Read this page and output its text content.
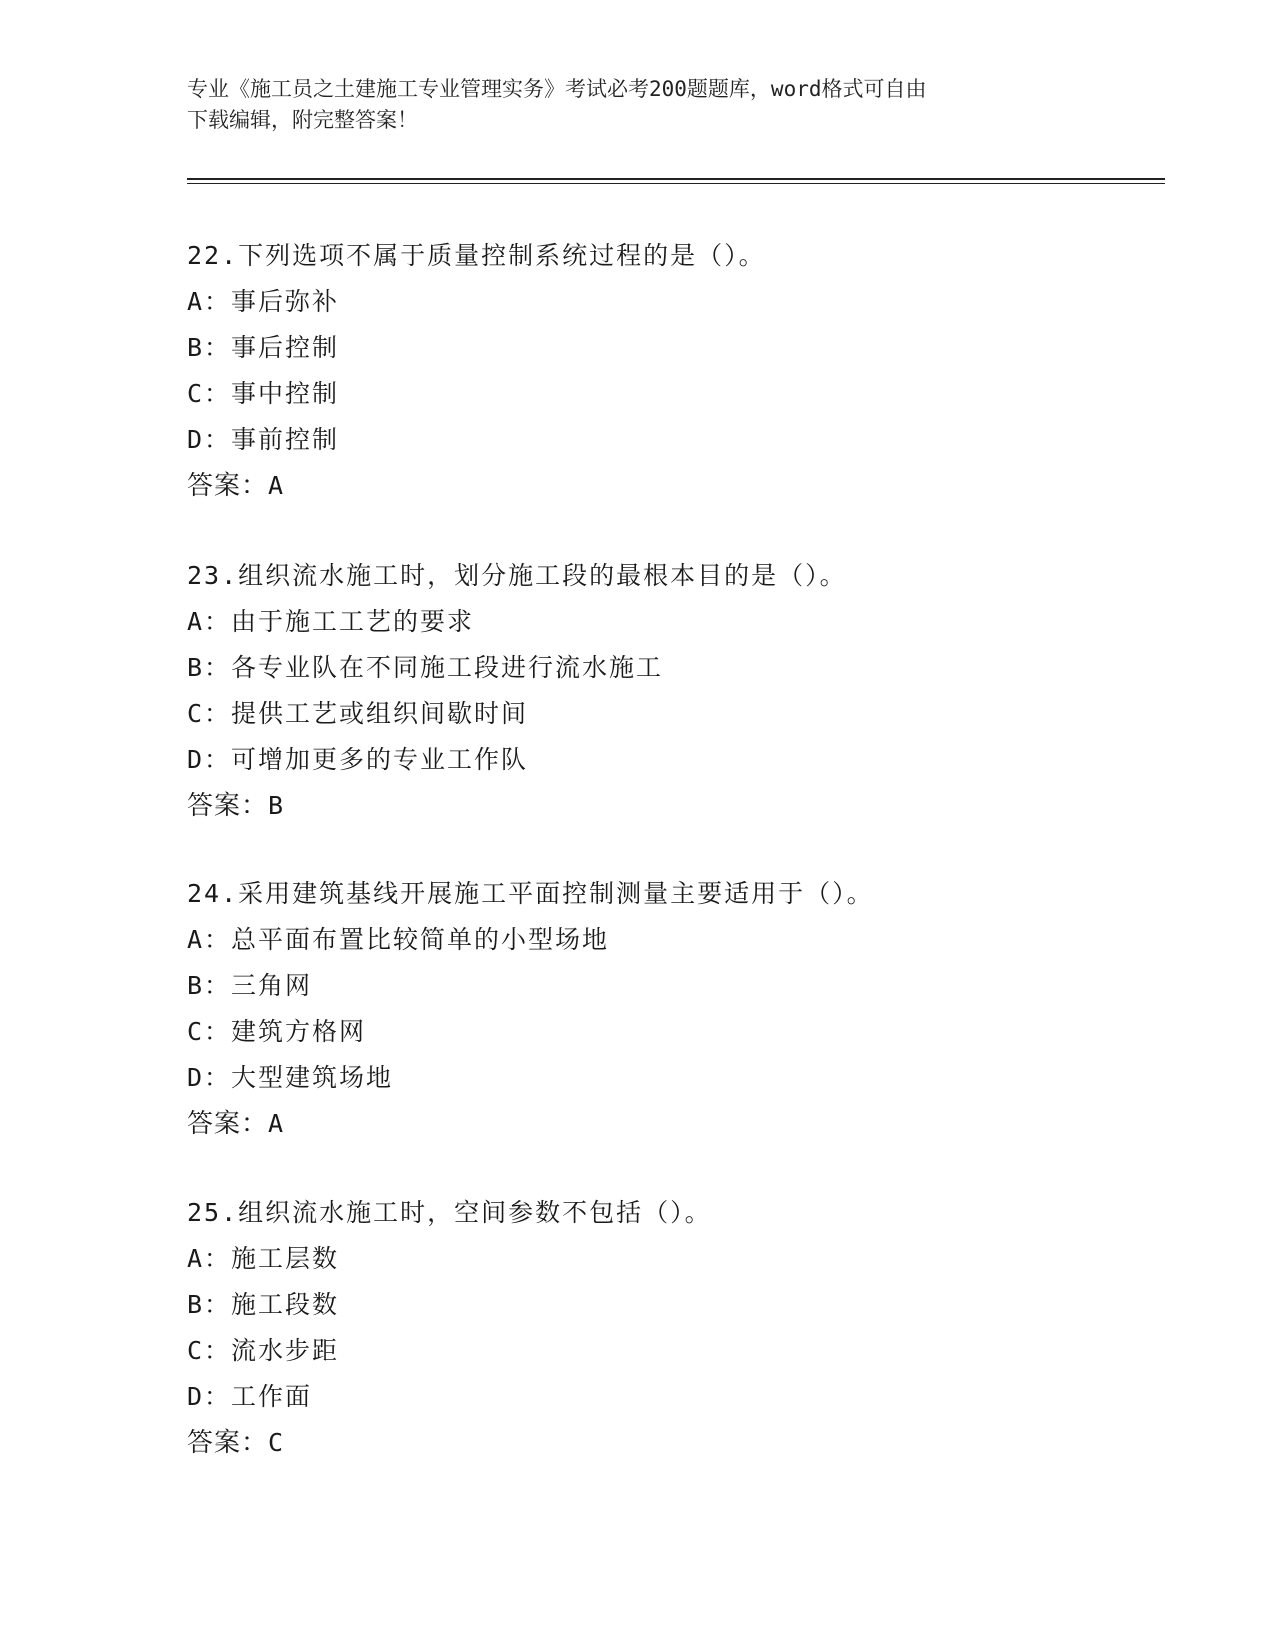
专业《施工员之土建施工专业管理实务》考试必考200题题库，word格式可自由
下载编辑，附完整答案！
22.下列选项不属于质量控制系统过程的是（）。
A：事后弥补
B：事后控制
C：事中控制
D：事前控制
答案：A
23.组织流水施工时，划分施工段的最根本目的是（）。
A：由于施工工艺的要求
B：各专业队在不同施工段进行流水施工
C：提供工艺或组织间歇时间
D：可增加更多的专业工作队
答案：B
24.采用建筑基线开展施工平面控制测量主要适用于（）。
A：总平面布置比较简单的小型场地
B：三角网
C：建筑方格网
D：大型建筑场地
答案：A
25.组织流水施工时，空间参数不包括（）。
A：施工层数
B：施工段数
C：流水步距
D：工作面
答案：C
